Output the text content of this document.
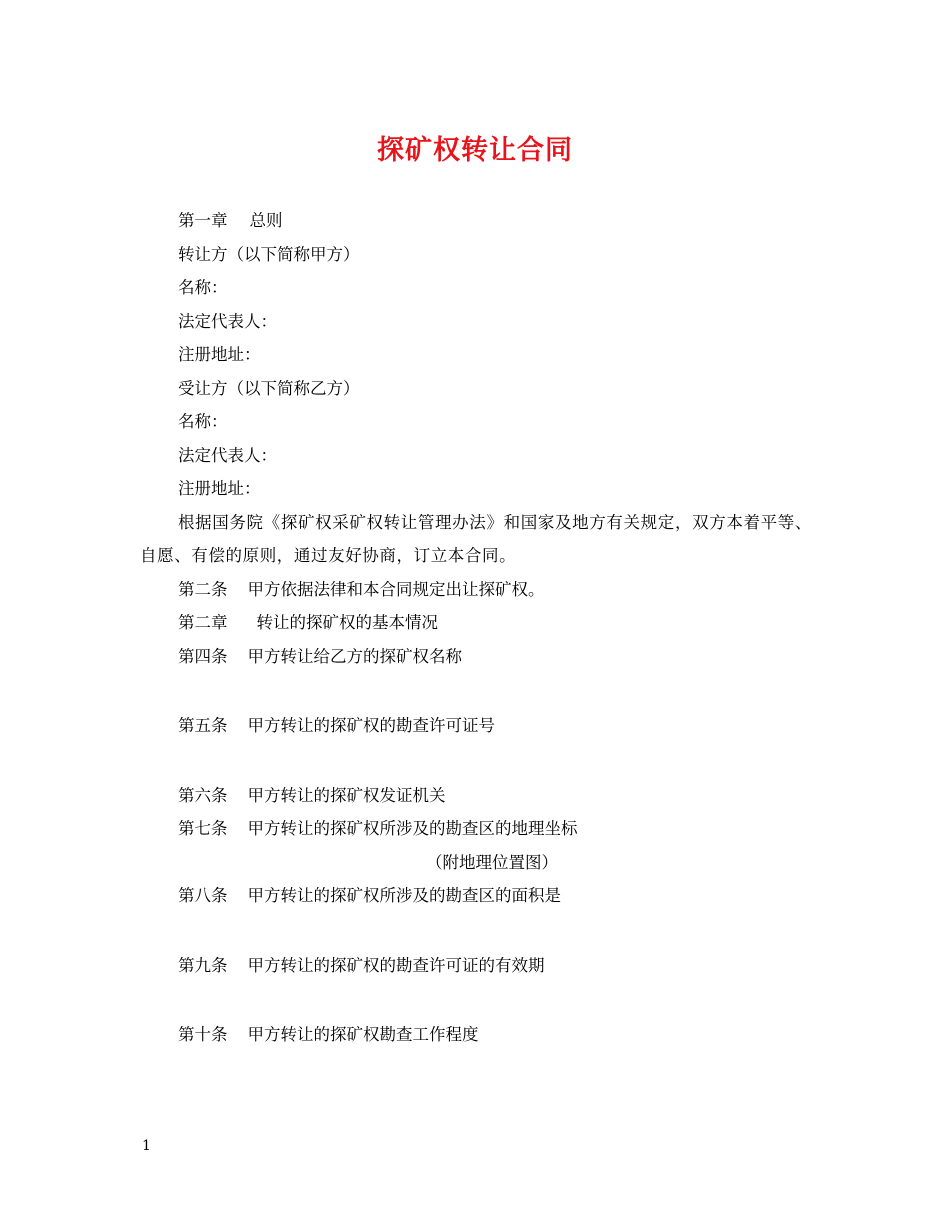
探矿权转让合同
第一章 总则
转让方（以下简称甲方）
名称：
法定代表人：
注册地址：
受让方（以下简称乙方）
名称：
法定代表人：
注册地址：
根据国务院《探矿权采矿权转让管理办法》和国家及地方有关规定，双方本着平等、自愿、有偿的原则，通过友好协商，订立本合同。
第二条 甲方依据法律和本合同规定出让探矿权。
第二章 转让的探矿权的基本情况
第四条 甲方转让给乙方的探矿权名称
第五条 甲方转让的探矿权的勘查许可证号
第六条 甲方转让的探矿权发证机关
第七条 甲方转让的探矿权所涉及的勘查区的地理坐标
（附地理位置图）
第八条 甲方转让的探矿权所涉及的勘查区的面积是
第九条 甲方转让的探矿权的勘查许可证的有效期
第十条 甲方转让的探矿权勘查工作程度
1
